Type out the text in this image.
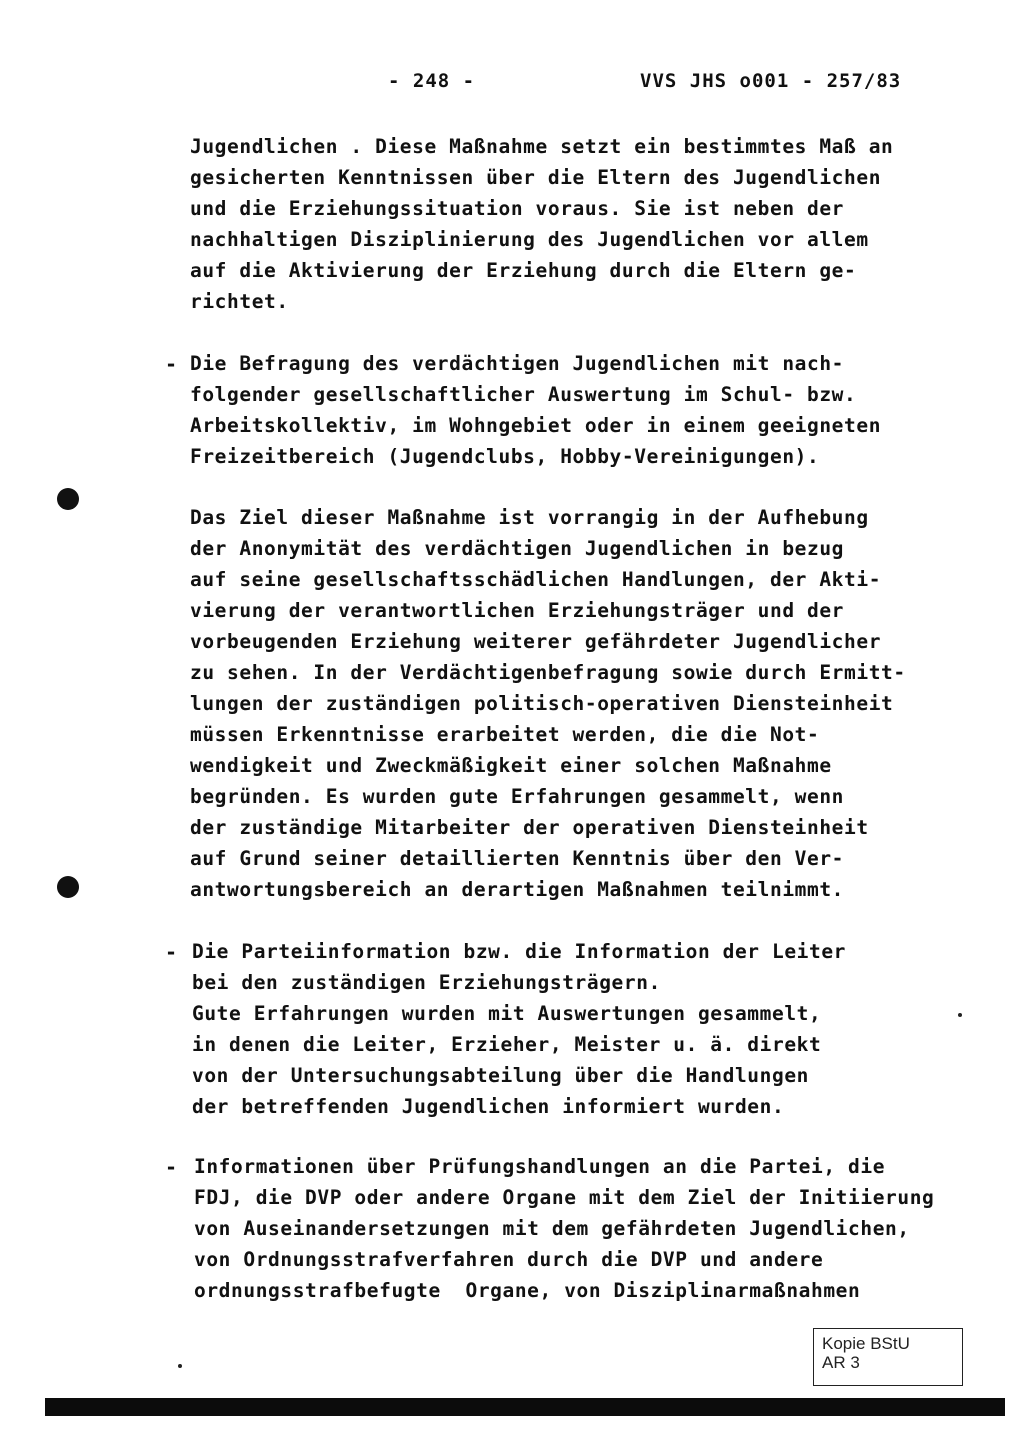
- 248 -	VVS JHS o001 - 257/83
Jugendlichen . Diese Maßnahme setzt ein bestimmtes Maß an
gesicherten Kenntnissen über die Eltern des Jugendlichen
und die Erziehungssituation voraus. Sie ist neben der
nachhaltigen Disziplinierung des Jugendlichen vor allem
auf die Aktivierung der Erziehung durch die Eltern ge-
richtet.
- Die Befragung des verdächtigen Jugendlichen mit nach-
folgender gesellschaftlicher Auswertung im Schul- bzw.
Arbeitskollektiv, im Wohngebiet oder in einem geeigneten
Freizeitbereich (Jugendclubs, Hobby-Vereinigungen).
Das Ziel dieser Maßnahme ist vorrangig in der Aufhebung
der Anonymität des verdächtigen Jugendlichen in bezug
auf seine gesellschaftsschädlichen Handlungen, der Akti-
vierung der verantwortlichen Erziehungsträger und der
vorbeugenden Erziehung weiterer gefährdeter Jugendlicher
zu sehen. In der Verdächtigenbefragung sowie durch Ermitt-
lungen der zuständigen politisch-operativen Diensteinheit
müssen Erkenntnisse erarbeitet werden, die die Not-
wendigkeit und Zweckmäßigkeit einer solchen Maßnahme
begründen. Es wurden gute Erfahrungen gesammelt, wenn
der zuständige Mitarbeiter der operativen Diensteinheit
auf Grund seiner detaillierten Kenntnis über den Ver-
antwortungsbereich an derartigen Maßnahmen teilnimmt.
- Die Parteiinformation bzw. die Information der Leiter
bei den zuständigen Erziehungsträgern.
Gute Erfahrungen wurden mit Auswertungen gesammelt,
in denen die Leiter, Erzieher, Meister u. ä. direkt
von der Untersuchungsabteilung über die Handlungen
der betreffenden Jugendlichen informiert wurden.
- Informationen über Prüfungshandlungen an die Partei, die
FDJ, die DVP oder andere Organe mit dem Ziel der Initiierung
von Auseinandersetzungen mit dem gefährdeten Jugendlichen,
von Ordnungsstrafverfahren durch die DVP und andere
ordnungsstrafbefugte  Organe, von Disziplinarmaßnahmen
Kopie BStU
AR 3
